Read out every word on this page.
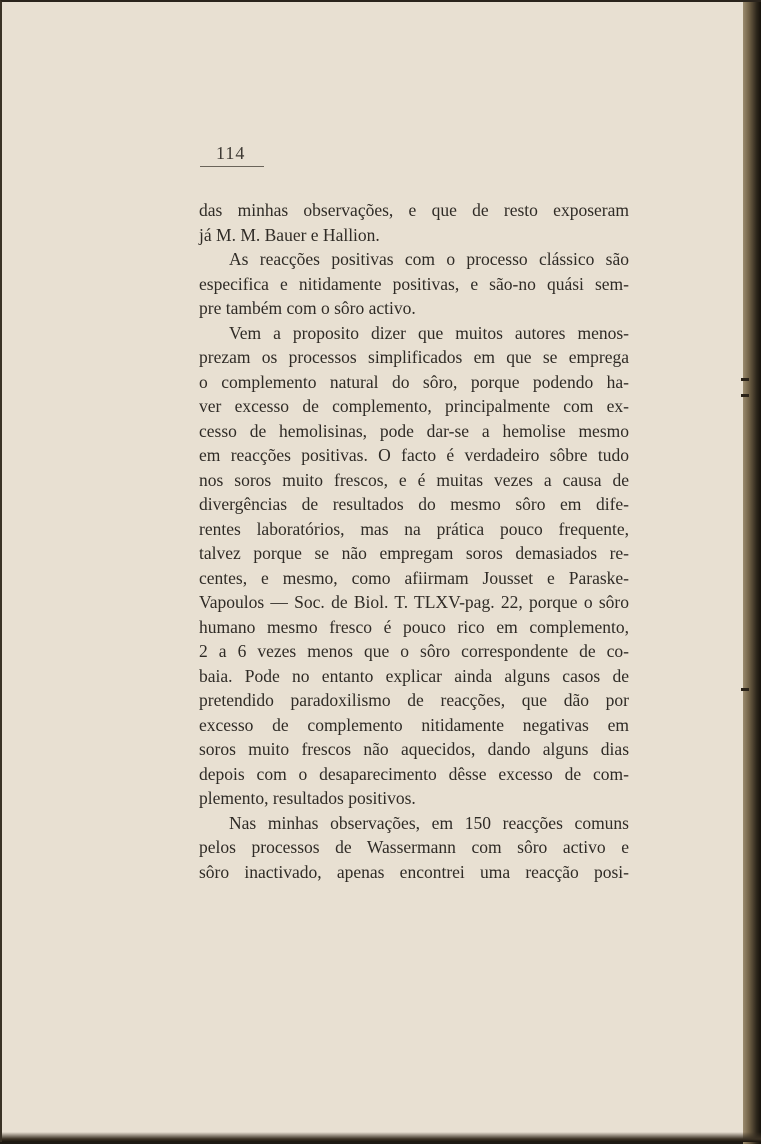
114
das minhas observações, e que de resto exposeram
já M. M. Bauer e Hallion.
As reacções positivas com o processo clássico são
especifica e nitidamente positivas, e são-no quási sem-
pre também com o sôro activo.
Vem a proposito dizer que muitos autores menos-
prezam os processos simplificados em que se emprega
o complemento natural do sôro, porque podendo ha-
ver excesso de complemento, principalmente com ex-
cesso de hemolisinas, pode dar-se a hemolise mesmo
em reacções positivas. O facto é verdadeiro sôbre tudo
nos soros muito frescos, e é muitas vezes a causa de
divergências de resultados do mesmo sôro em dife-
rentes laboratórios, mas na prática pouco frequente,
talvez porque se não empregam soros demasiados re-
centes, e mesmo, como afiirmam Jousset e Paraske-
Vapoulos — Soc. de Biol. T. TLXV-pag. 22, porque o sôro
humano mesmo fresco é pouco rico em complemento,
2 a 6 vezes menos que o sôro correspondente de co-
baia. Pode no entanto explicar ainda alguns casos de
pretendido paradoxilismo de reacções, que dão por
excesso de complemento nitidamente negativas em
soros muito frescos não aquecidos, dando alguns dias
depois com o desaparecimento dêsse excesso de com-
plemento, resultados positivos.
Nas minhas observações, em 150 reacções comuns
pelos processos de Wassermann com sôro activo e
sôro inactivado, apenas encontrei uma reacção posi-
